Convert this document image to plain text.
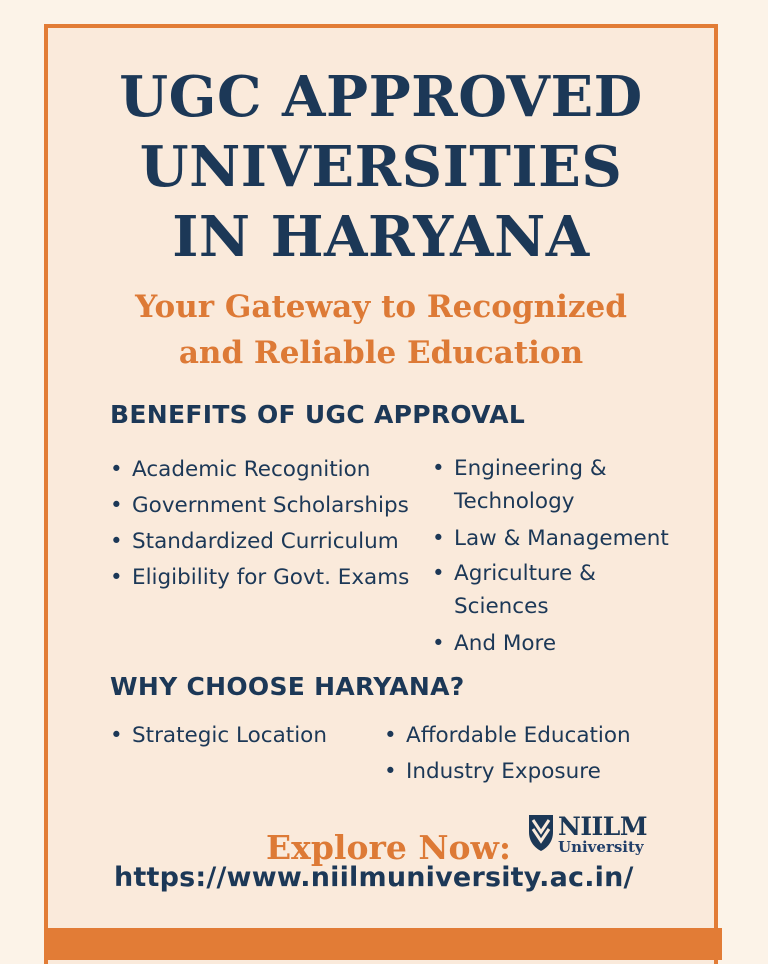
UGC APPROVED
UNIVERSITIES
IN HARYANA
Your Gateway to Recognized
and Reliable Education
BENEFITS OF UGC APPROVAL
• Academic Recognition
• Government Scholarships
• Standardized Curriculum
• Eligibility for Govt. Exams
• Engineering & Technology
• Law & Management
• Agriculture & Sciences
• And More
WHY CHOOSE HARYANA?
• Strategic Location
•	Affordable Education
• Industry Exposure
Explore Now:
NIILM
University
https://www.niilmuniversity.ac.in/
